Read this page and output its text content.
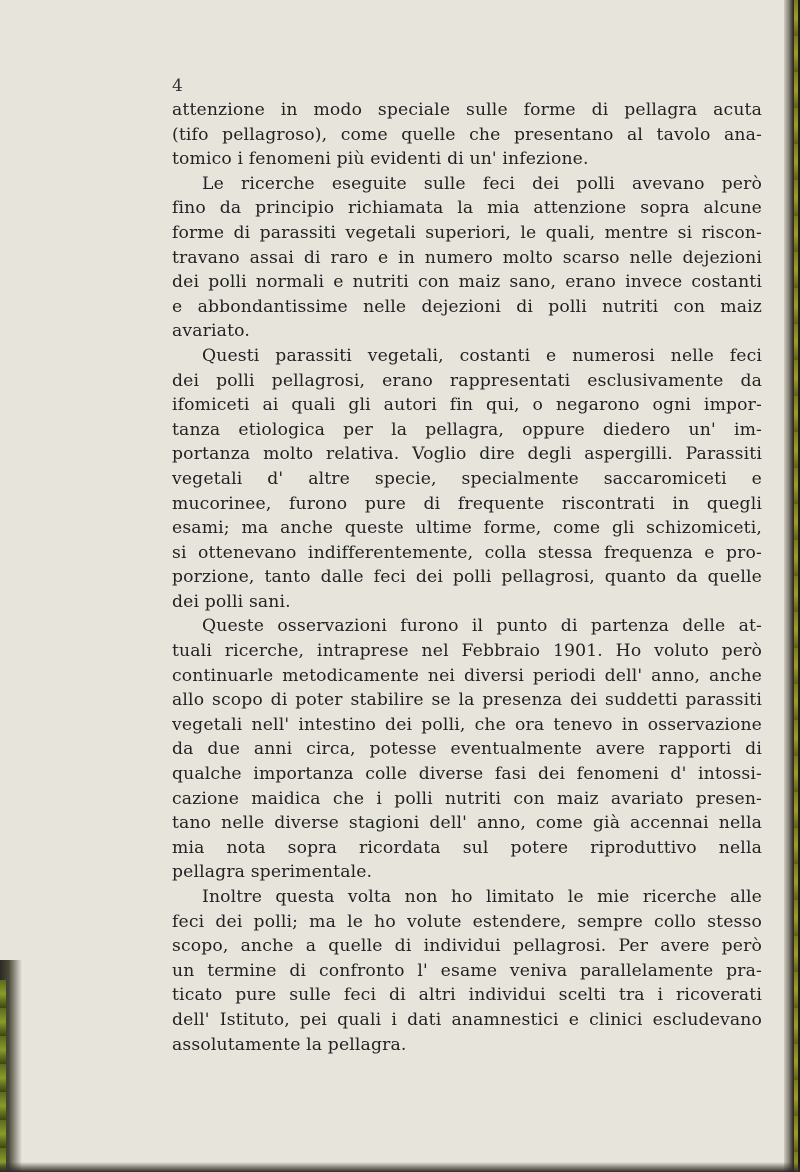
4
attenzione in modo speciale sulle forme di pellagra acuta
(tifo pellagroso), come quelle che presentano al tavolo ana-
tomico i fenomeni più evidenti di un' infezione.
Le ricerche eseguite sulle feci dei polli avevano però
fino da principio richiamata la mia attenzione sopra alcune
forme di parassiti vegetali superiori, le quali, mentre si riscon-
travano assai di raro e in numero molto scarso nelle dejezioni
dei polli normali e nutriti con maiz sano, erano invece costanti
e abbondantissime nelle dejezioni di polli nutriti con maiz
avariato.
Questi parassiti vegetali, costanti e numerosi nelle feci
dei polli pellagrosi, erano rappresentati esclusivamente da
ifomiceti ai quali gli autori fin qui, o negarono ogni impor-
tanza etiologica per la pellagra, oppure diedero un' im-
portanza molto relativa. Voglio dire degli aspergilli. Parassiti
vegetali d' altre specie, specialmente saccaromiceti e
mucorinee, furono pure di frequente riscontrati in quegli
esami; ma anche queste ultime forme, come gli schizomiceti,
si ottenevano indifferentemente, colla stessa frequenza e pro-
porzione, tanto dalle feci dei polli pellagrosi, quanto da quelle
dei polli sani.
Queste osservazioni furono il punto di partenza delle at-
tuali ricerche, intraprese nel Febbraio 1901. Ho voluto però
continuarle metodicamente nei diversi periodi dell' anno, anche
allo scopo di poter stabilire se la presenza dei suddetti parassiti
vegetali nell' intestino dei polli, che ora tenevo in osservazione
da due anni circa, potesse eventualmente avere rapporti di
qualche importanza colle diverse fasi dei fenomeni d' intossi-
cazione maidica che i polli nutriti con maiz avariato presen-
tano nelle diverse stagioni dell' anno, come già accennai nella
mia nota sopra ricordata sul potere riproduttivo nella
pellagra sperimentale.
Inoltre questa volta non ho limitato le mie ricerche alle
feci dei polli; ma le ho volute estendere, sempre collo stesso
scopo, anche a quelle di individui pellagrosi. Per avere però
un termine di confronto l' esame veniva parallelamente pra-
ticato pure sulle feci di altri individui scelti tra i ricoverati
dell' Istituto, pei quali i dati anamnestici e clinici escludevano
assolutamente la pellagra.
